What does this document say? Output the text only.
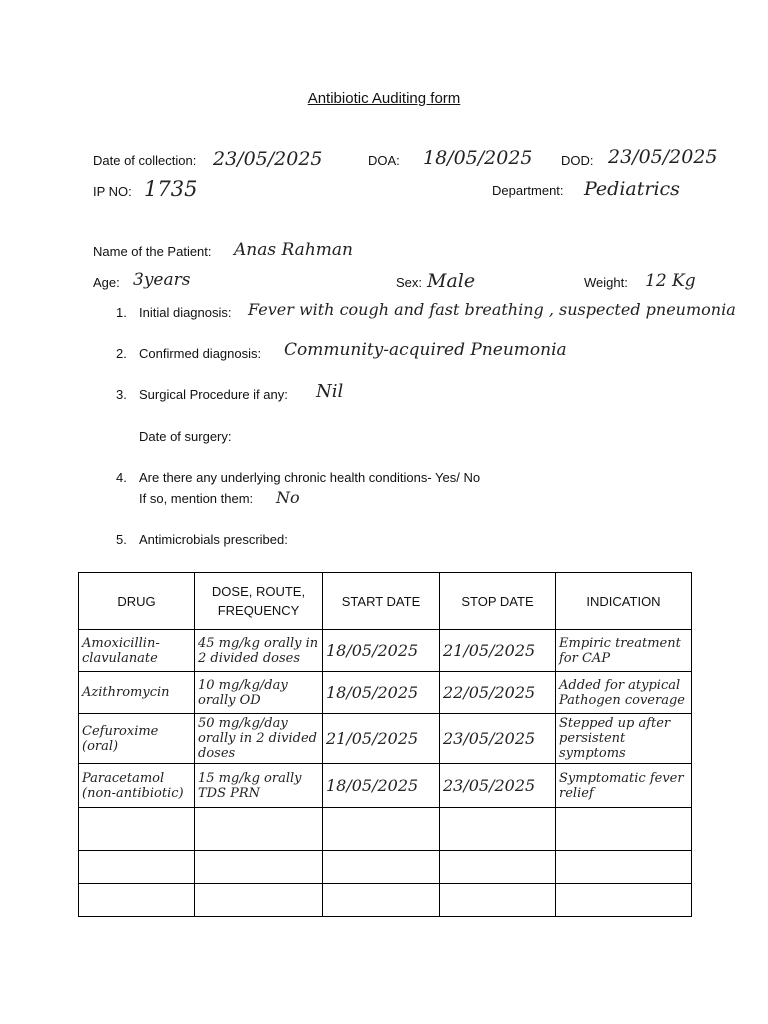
Antibiotic Auditing form
Date of collection: 23/05/2025	DOA: 18/05/2025 DOD: 23/05/2025
IP NO: 1735	Department: Pediatrics
Name of the Patient: Anas Rahman
Age: 3years	Sex: Male	Weight: 12 Kg
1. Initial diagnosis: Fever with cough and fast breathing , suspected pneumonia
2. Confirmed diagnosis: Community-acquired Pneumonia
3. Surgical Procedure if any: Nil
Date of surgery:
4. Are there any underlying chronic health conditions- Yes/ No
If so, mention them: No
5. Antimicrobials prescribed:
DRUG	DOSE, ROUTE, FREQUENCY	START DATE	STOP DATE	INDICATION
Amoxicillin-clavulanate	45 mg/kg orally in 2 divided doses	18/05/2025	21/05/2025	Empiric treatment for CAP
Azithromycin	10 mg/kg/day orally OD	18/05/2025	22/05/2025	Added for atypical Pathogen coverage
Cefuroxime (oral)	50 mg/kg/day orally in 2 divided doses	21/05/2025	23/05/2025	Stepped up after persistent symptoms
Paracetamol (non-antibiotic)	15 mg/kg orally TDS PRN	18/05/2025	23/05/2025	Symptomatic fever relief
